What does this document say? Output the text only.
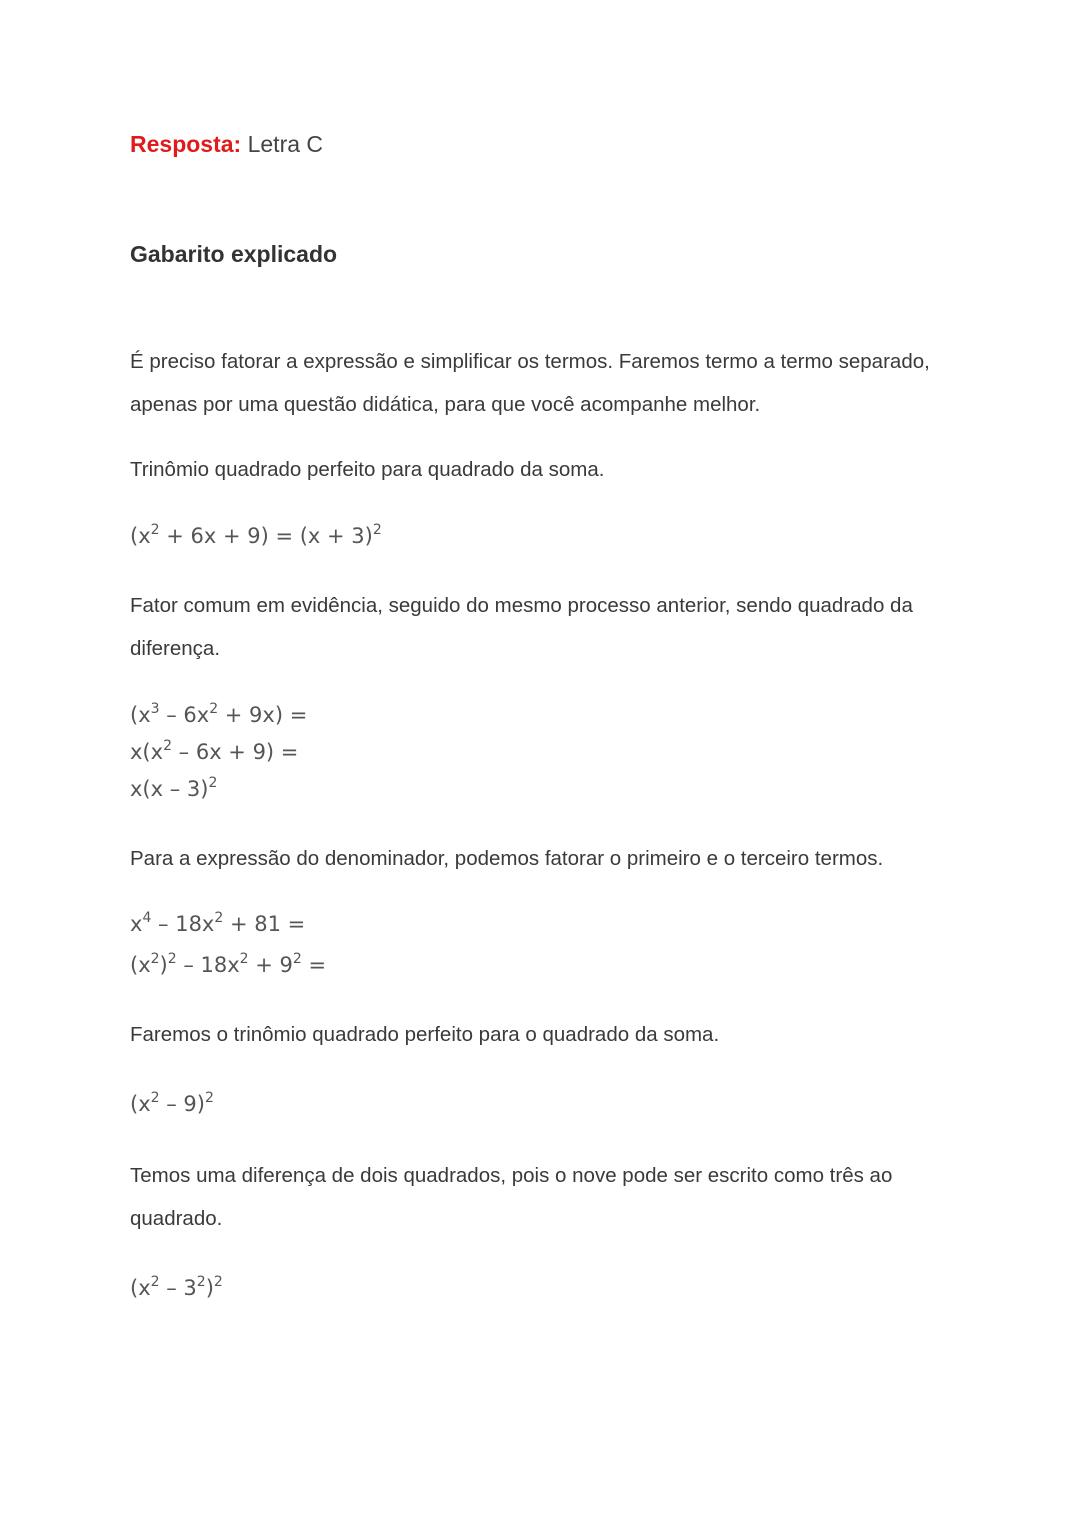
Resposta: Letra C
Gabarito explicado

É preciso fatorar a expressão e simplificar os termos. Faremos termo a termo separado, apenas por uma questão didática, para que você acompanhe melhor.

Trinômio quadrado perfeito para quadrado da soma.

$(x^2 + 6x + 9) = (x + 3)^2$

Fator comum em evidência, seguido do mesmo processo anterior, sendo quadrado da diferença.

$(x^3 - 6x^2 + 9x)$ =
$x(x^2 - 6x + 9)$ =
x(x – 3)$^2$

Para a expressão do denominador, podemos fatorar o primeiro e o terceiro termos.

$x^4 - 18x^2 + 81$ =
$(x^2)^2 - 18x^2 + 9^2$ =

Faremos o trinômio quadrado perfeito para o quadrado da soma.

$(x^2 - 9)^2$

Temos uma diferença de dois quadrados, pois o nove pode ser escrito como três ao quadrado.

$(x^2 - 3^2)^2$
